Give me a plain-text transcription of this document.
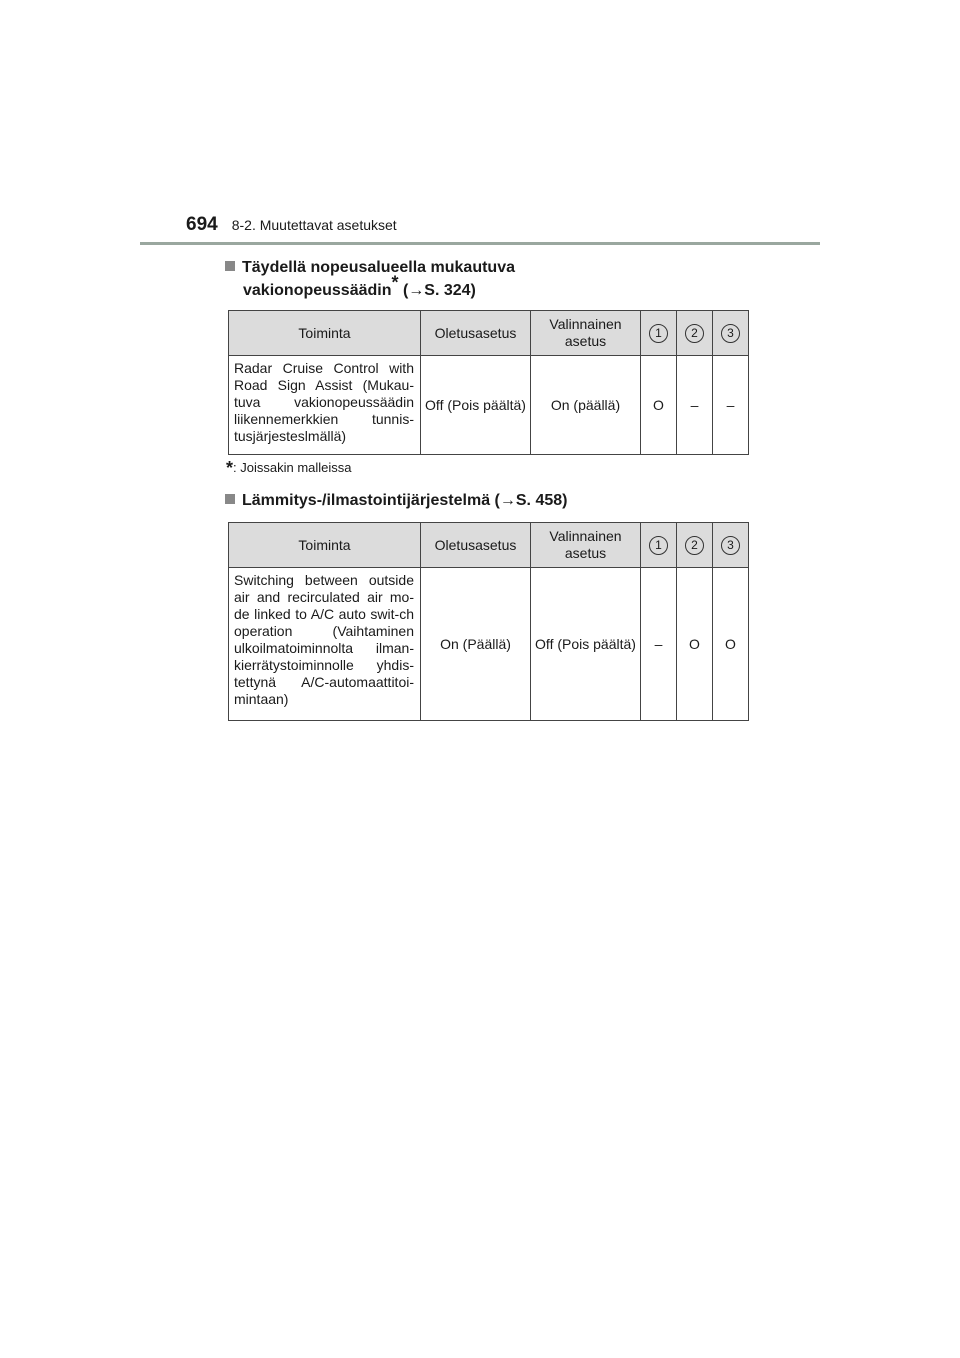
694 8-2. Muutettavat asetukset
Täydellä nopeusalueella mukautuva
vakionopeussäädin* (→S. 324)
Toiminta	Oletusasetus	Valinnainen asetus	1	2	3
Radar Cruise Control with Road Sign Assist (Mukau-tuva vakionopeussäädin liikennemerkkien tunnis-tusjärjesteslmällä)	Off (Pois päältä)	On (päällä)	O	–	–
*: Joissakin malleissa
Lämmitys-/ilmastointijärjestelmä (→S. 458)
Toiminta	Oletusasetus	Valinnainen asetus	1	2	3
Switching between outside air and recirculated air mo-de linked to A/C auto swit-ch operation (Vaihtaminen ulkoilmatoiminnolta ilman-kierrätystoiminnolle yhdis-tettynä A/C-automaattitoi-mintaan)	On (Päällä)	Off (Pois päältä)	–	O	O
